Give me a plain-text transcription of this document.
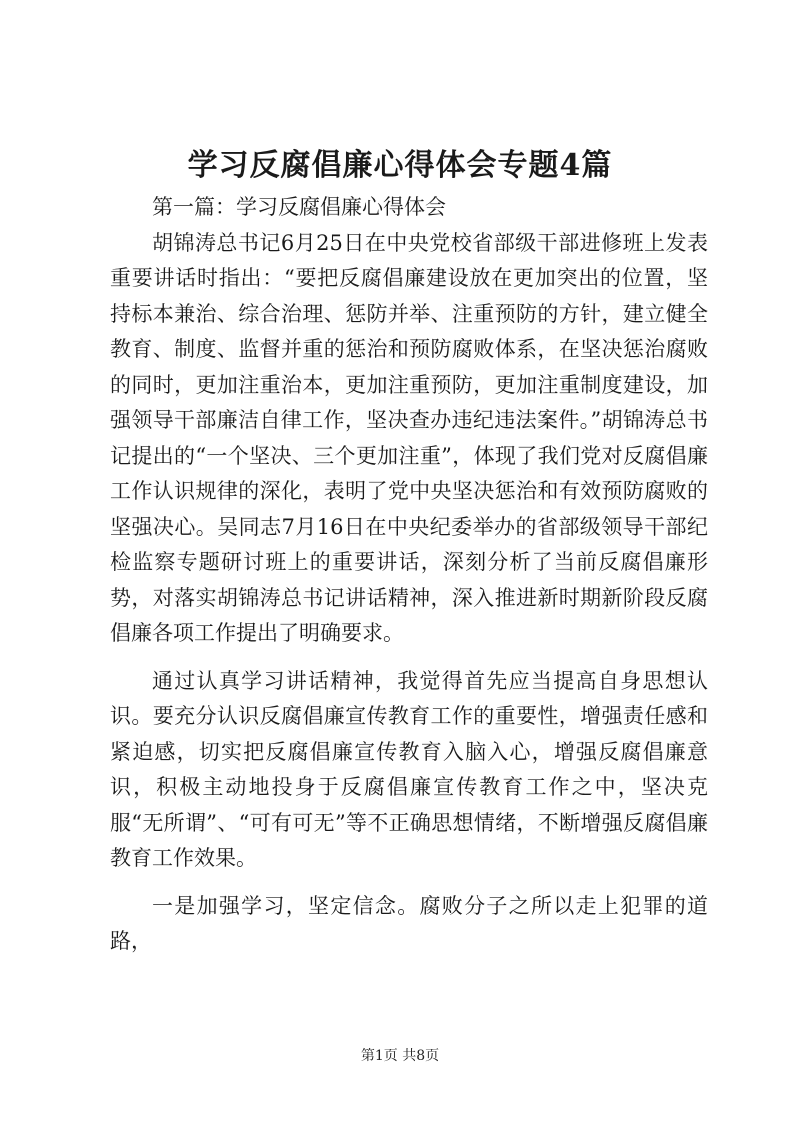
学习反腐倡廉心得体会专题4篇

第一篇：学习反腐倡廉心得体会

胡锦涛总书记6月25日在中央党校省部级干部进修班上发表重要讲话时指出：“要把反腐倡廉建设放在更加突出的位置，坚持标本兼治、综合治理、惩防并举、注重预防的方针，建立健全教育、制度、监督并重的惩治和预防腐败体系，在坚决惩治腐败的同时，更加注重治本，更加注重预防，更加注重制度建设，加强领导干部廉洁自律工作，坚决查办违纪违法案件。”胡锦涛总书记提出的“一个坚决、三个更加注重”，体现了我们党对反腐倡廉工作认识规律的深化，表明了党中央坚决惩治和有效预防腐败的坚强决心。吴同志7月16日在中央纪委举办的省部级领导干部纪检监察专题研讨班上的重要讲话，深刻分析了当前反腐倡廉形势，对落实胡锦涛总书记讲话精神，深入推进新时期新阶段反腐倡廉各项工作提出了明确要求。

通过认真学习讲话精神，我觉得首先应当提高自身思想认识。要充分认识反腐倡廉宣传教育工作的重要性，增强责任感和紧迫感，切实把反腐倡廉宣传教育入脑入心，增强反腐倡廉意识，积极主动地投身于反腐倡廉宣传教育工作之中，坚决克服“无所谓”、“可有可无”等不正确思想情绪，不断增强反腐倡廉教育工作效果。

一是加强学习，坚定信念。腐败分子之所以走上犯罪的道路，

第1页 共8页
